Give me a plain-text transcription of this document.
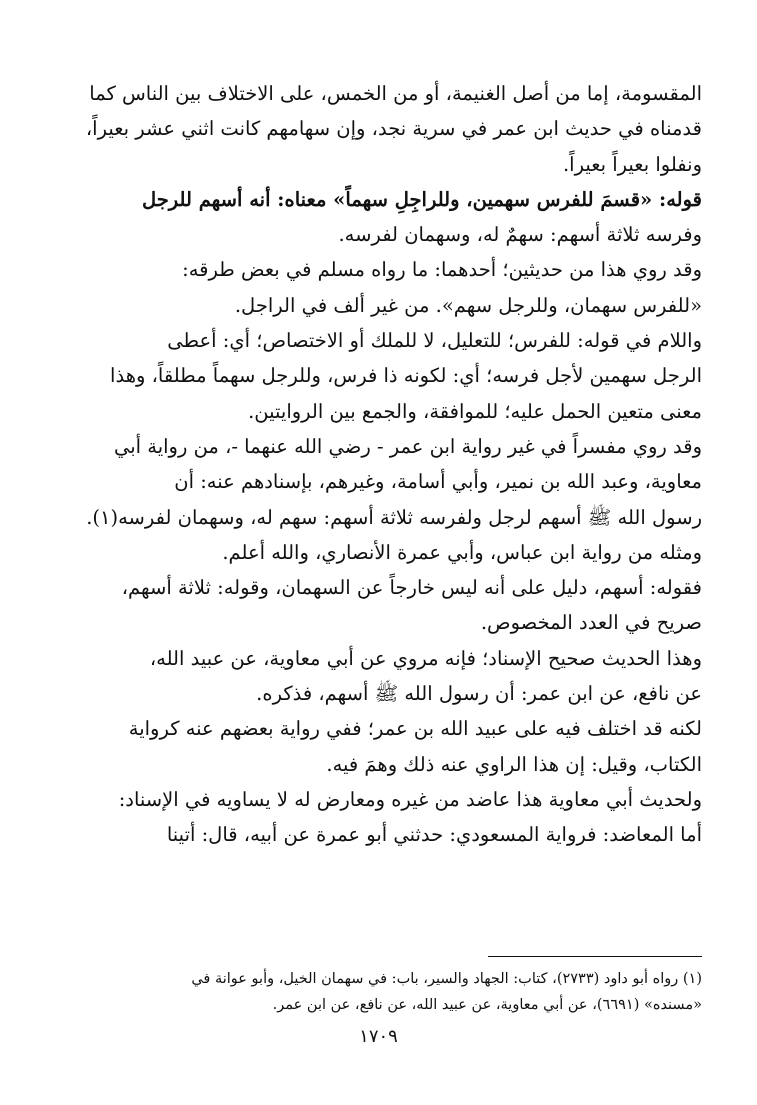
المقسومة، إما من أصل الغنيمة، أو من الخمس، على الاختلاف بين الناس كما
قدمناه في حديث ابن عمر في سرية نجد، وإن سهامهم كانت اثني عشر بعيراً،
ونفلوا بعيراً بعيراً.
قوله: «قسمَ للفرس سهمين، وللراجِلِ سهماً» معناه: أنه أسهم للرجل
وفرسه ثلاثة أسهم: سهمٌ له، وسهمان لفرسه.
وقد روي هذا من حديثين؛ أحدهما: ما رواه مسلم في بعض طرقه:
«للفرس سهمان، وللرجل سهم». من غير ألف في الراجل.
واللام في قوله: للفرس؛ للتعليل، لا للملك أو الاختصاص؛ أي: أعطى
الرجل سهمين لأجل فرسه؛ أي: لكونه ذا فرس، وللرجل سهماً مطلقاً، وهذا
معنى متعين الحمل عليه؛ للموافقة، والجمع بين الروايتين.
وقد روي مفسراً في غير رواية ابن عمر - رضي الله عنهما -، من رواية أبي
معاوية، وعبد الله بن نمير، وأبي أسامة، وغيرهم، بإسنادهم عنه: أن
رسول الله ﷺ أسهم لرجل ولفرسه ثلاثة أسهم: سهم له، وسهمان لفرسه(١).
ومثله من رواية ابن عباس، وأبي عمرة الأنصاري، والله أعلم.
فقوله: أسهم، دليل على أنه ليس خارجاً عن السهمان، وقوله: ثلاثة أسهم،
صريح في العدد المخصوص.
وهذا الحديث صحيح الإسناد؛ فإنه مروي عن أبي معاوية، عن عبيد الله،
عن نافع، عن ابن عمر: أن رسول الله ﷺ أسهم، فذكره.
لكنه قد اختلف فيه على عبيد الله بن عمر؛ ففي رواية بعضهم عنه كرواية
الكتاب، وقيل: إن هذا الراوي عنه ذلك وهمَ فيه.
ولحديث أبي معاوية هذا عاضد من غيره ومعارض له لا يساويه في الإسناد:
أما المعاضد: فرواية المسعودي: حدثني أبو عمرة عن أبيه، قال: أتينا
(١) رواه أبو داود (٢٧٣٣)، كتاب: الجهاد والسير، باب: في سهمان الخيل، وأبو عوانة في
«مسنده» (٦٦٩١)، عن أبي معاوية، عن عبيد الله، عن نافع، عن ابن عمر.
١٧٠٩
